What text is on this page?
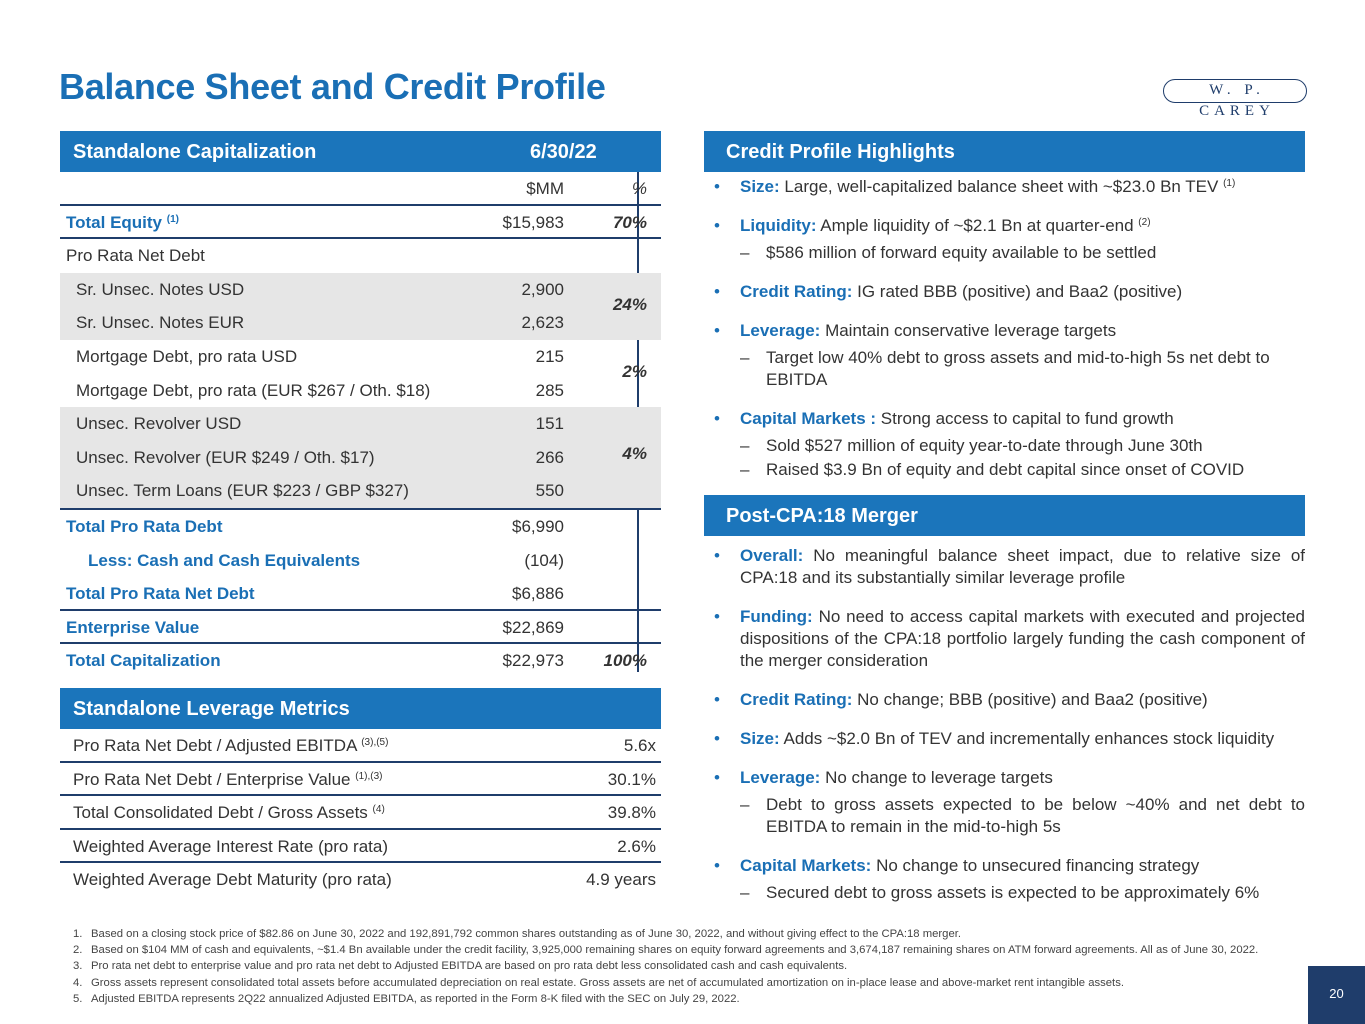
Balance Sheet and Credit Profile	W. P. CAREY
Standalone Capitalization	6/30/22
$MM	%
Total Equity $^{(1)}$	$15,983	70%
Pro Rata Net Debt
Sr. Unsec. Notes USD	2,900
Sr. Unsec. Notes EUR	2,623
24%
Mortgage Debt, pro rata USD	215
Mortgage Debt, pro rata (EUR $267 / Oth. $18)	285
2%
Unsec. Revolver USD	151
Unsec. Revolver (EUR $249 / Oth. $17)	266
Unsec. Term Loans (EUR $223 / GBP $327)	550
4%
Total Pro Rata Debt	$6,990
Less: Cash and Cash Equivalents	(104)
Total Pro Rata Net Debt	$6,886
Enterprise Value	$22,869
Total Capitalization	$22,973 100%
Standalone Leverage Metrics
Pro Rata Net Debt / Adjusted EBITDA $^{(3),(5)}$	5.6x
Pro Rata Net Debt / Enterprise Value $^{(1),(3)}$	30.1%
Total Consolidated Debt / Gross Assets $^{(4)}$	39.8%
Weighted Average Interest Rate (pro rata)	2.6%
Weighted Average Debt Maturity (pro rata)	4.9 years
Credit Profile Highlights
• Size: Large, well-capitalized balance sheet with ~$23.0 Bn TEV $^{(1)}$
• Liquidity: Ample liquidity of ~$2.1 Bn at quarter-end $^{(2)}$
– $586 million of forward equity available to be settled
• Credit Rating: IG rated BBB (positive) and Baa2 (positive)
• Leverage: Maintain conservative leverage targets
– Target low 40% debt to gross assets and mid-to-high 5s net debt to EBITDA
• Capital Markets : Strong access to capital to fund growth
– Sold $527 million of equity year-to-date through June 30th
– Raised $3.9 Bn of equity and debt capital since onset of COVID
Post-CPA:18 Merger
• Overall: No meaningful balance sheet impact, due to relative size of CPA:18 and its substantially similar leverage profile
• Funding: No need to access capital markets with executed and projected dispositions of the CPA:18 portfolio largely funding the cash component of the merger consideration
• Credit Rating: No change; BBB (positive) and Baa2 (positive)
• Size: Adds ~$2.0 Bn of TEV and incrementally enhances stock liquidity
• Leverage: No change to leverage targets
– Debt to gross assets expected to be below ~40% and net debt to EBITDA to remain in the mid-to-high 5s
• Capital Markets: No change to unsecured financing strategy
– Secured debt to gross assets is expected to be approximately 6%
1. Based on a closing stock price of $82.86 on June 30, 2022 and 192,891,792 common shares outstanding as of June 30, 2022, and without giving effect to the CPA:18 merger.
2. Based on $104 MM of cash and equivalents, ~$1.4 Bn available under the credit facility, 3,925,000 remaining shares on equity forward agreements and 3,674,187 remaining shares on ATM forward agreements. All as of June 30, 2022.
3. Pro rata net debt to enterprise value and pro rata net debt to Adjusted EBITDA are based on pro rata debt less consolidated cash and cash equivalents.
4. Gross assets represent consolidated total assets before accumulated depreciation on real estate. Gross assets are net of accumulated amortization on in-place lease and above-market rent intangible assets.
5. Adjusted EBITDA represents 2Q22 annualized Adjusted EBITDA, as reported in the Form 8-K filed with the SEC on July 29, 2022.	20
